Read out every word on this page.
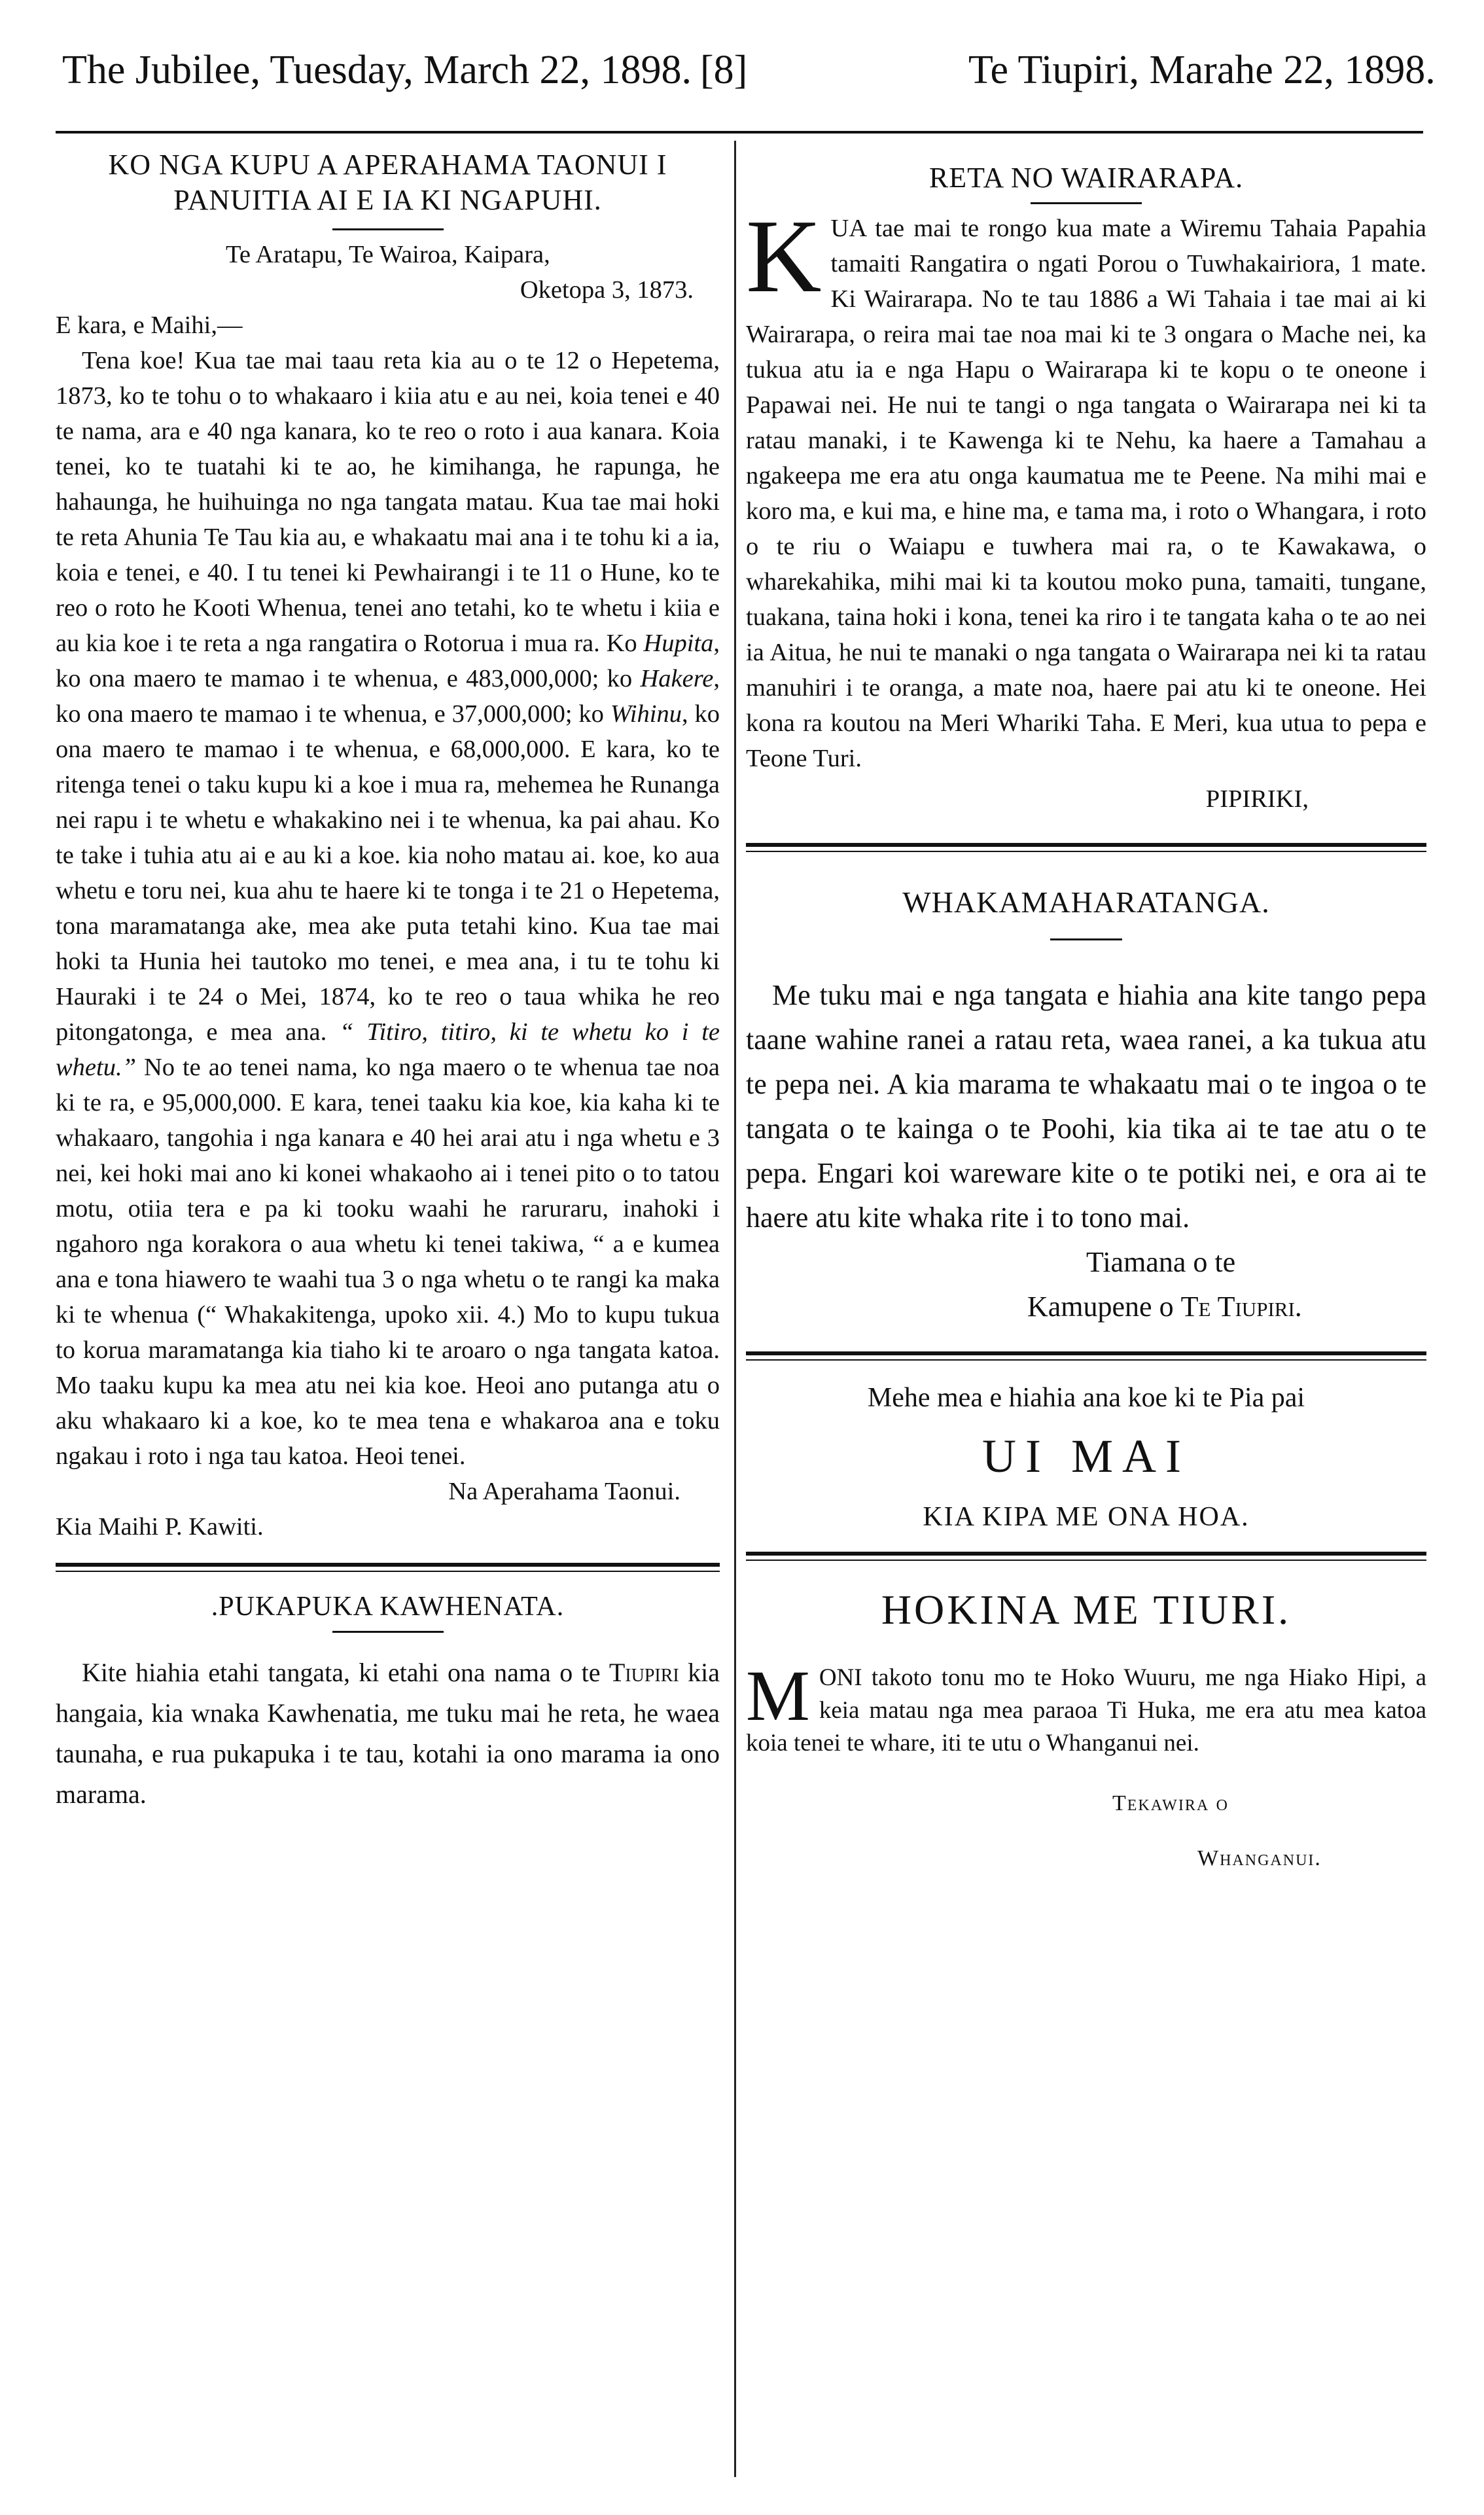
The Jubilee, Tuesday, March 22, 1898. [8]	Te Tiupiri, Marahe 22, 1898.

KO NGA KUPU A APERAHAMA TAONUI I

PANUITIA AI E IA KI NGAPUHI.

Te Aratapu, Te Wairoa, Kaipara,

Oketopa 3, 1873.

E kara, e Maihi,—

Tena koe! Kua tae mai taau reta kia au o te 12 o Hepetema, 1873, ko te tohu o to whakaaro i kiia atu e au nei, koia tenei e 40 te nama, ara e 40 nga kanara, ko te reo o roto i aua kanara. Koia tenei, ko te tuatahi ki te ao, he kimihanga, he rapunga, he hahaunga, he huihuinga no nga tangata matau. Kua tae mai hoki te reta Ahunia Te Tau kia au, e whakaatu mai ana i te tohu ki a ia, koia e tenei, e 40. I tu tenei ki Pewhairangi i te 11 o Hune, ko te reo o roto he Kooti Whenua, tenei ano tetahi, ko te whetu i kiia e au kia koe i te reta a nga rangatira o Rotorua i mua ra. Ko Hupita, ko ona maero te mamao i te whenua, e 483,000,000; ko Hakere, ko ona maero te mamao i te whenua, e 37,000,000; ko Wihinu, ko ona maero te mamao i te whenua, e 68,000,000. E kara, ko te ritenga tenei o taku kupu ki a koe i mua ra, mehemea he Runanga nei rapu i te whetu e whakakino nei i te whenua, ka pai ahau. Ko te take i tuhia atu ai e au ki a koe. kia noho matau ai. koe, ko aua whetu e toru nei, kua ahu te haere ki te tonga i te 21 o Hepetema, tona maramatanga ake, mea ake puta tetahi kino. Kua tae mai hoki ta Hunia hei tautoko mo tenei, e mea ana, i tu te tohu ki Hauraki i te 24 o Mei, 1874, ko te reo o taua whika he reo pitongatonga, e mea ana. “ Titiro, titiro, ki te whetu ko i te whetu.” No te ao tenei nama, ko nga maero o te whenua tae noa ki te ra, e 95,000,000. E kara, tenei taaku kia koe, kia kaha ki te whakaaro, tangohia i nga kanara e 40 hei arai atu i nga whetu e 3 nei, kei hoki mai ano ki konei whakaoho ai i tenei pito o to tatou motu, otiia tera e pa ki tooku waahi he raruraru, inahoki i ngahoro nga korakora o aua whetu ki tenei takiwa, “ a e kumea ana e tona hiawero te waahi tua 3 o nga whetu o te rangi ka maka ki te whenua (“ Whakakitenga, upoko xii. 4.) Mo to kupu tukua to korua maramatanga kia tiaho ki te aroaro o nga tangata katoa. Mo taaku kupu ka mea atu nei kia koe. Heoi ano putanga atu o aku whakaaro ki a koe, ko te mea tena e whakaroa ana e toku ngakau i roto i nga tau katoa. Heoi tenei.

Na Aperahama Taonui.

Kia Maihi P. Kawiti.

.PUKAPUKA KAWHENATA.

Kite hiahia etahi tangata, ki etahi ona nama o te Tiupiri kia hangaia, kia wnaka Kawhenatia, me tuku mai he reta, he waea taunaha, e rua pukapuka i te tau, kotahi ia ono marama ia ono marama.

RETA NO WAIRARAPA.

KUA tae mai te rongo kua mate a Wiremu Tahaia Papahia tamaiti Rangatira o ngati Porou o Tuwhakairiora, 1 mate. Ki Wairarapa. No te tau 1886 a Wi Tahaia i tae mai ai ki Wairarapa, o reira mai tae noa mai ki te 3 ongara o Mache nei, ka tukua atu ia e nga Hapu o Wairarapa ki te kopu o te oneone i Papawai nei. He nui te tangi o nga tangata o Wairarapa nei ki ta ratau manaki, i te Kawenga ki te Nehu, ka haere a Tamahau a ngakeepa me era atu onga kaumatua me te Peene. Na mihi mai e koro ma, e kui ma, e hine ma, e tama ma, i roto o Whangara, i roto o te riu o Waiapu e tuwhera mai ra, o te Kawakawa, o wharekahika, mihi mai ki ta koutou moko puna, tamaiti, tungane, tuakana, taina hoki i kona, tenei ka riro i te tangata kaha o te ao nei ia Aitua, he nui te manaki o nga tangata o Wairarapa nei ki ta ratau manuhiri i te oranga, a mate noa, haere pai atu ki te oneone. Hei kona ra koutou na Meri Whariki Taha. E Meri, kua utua to pepa e Teone Turi.

PIPIRIKI,

WHAKAMAHARATANGA.

Me tuku mai e nga tangata e hiahia ana kite tango pepa taane wahine ranei a ratau reta, waea ranei, a ka tukua atu te pepa nei. A kia marama te whakaatu mai o te ingoa o te tangata o te kainga o te Poohi, kia tika ai te tae atu o te pepa. Engari koi wareware kite o te potiki nei, e ora ai te haere atu kite whaka rite i to tono mai.

Tiamana o te

Kamupene o Te Tiupiri.

Mehe mea e hiahia ana koe ki te Pia pai

UI MAI

KIA KIPA ME ONA HOA.

HOKINA ME TIURI.

MONI takoto tonu mo te Hoko Wuuru, me nga Hiako Hipi, a keia matau nga mea paraoa Ti Huka, me era atu mea katoa koia tenei te whare, iti te utu o Whanganui nei.

Tekawira o

Whanganui.
